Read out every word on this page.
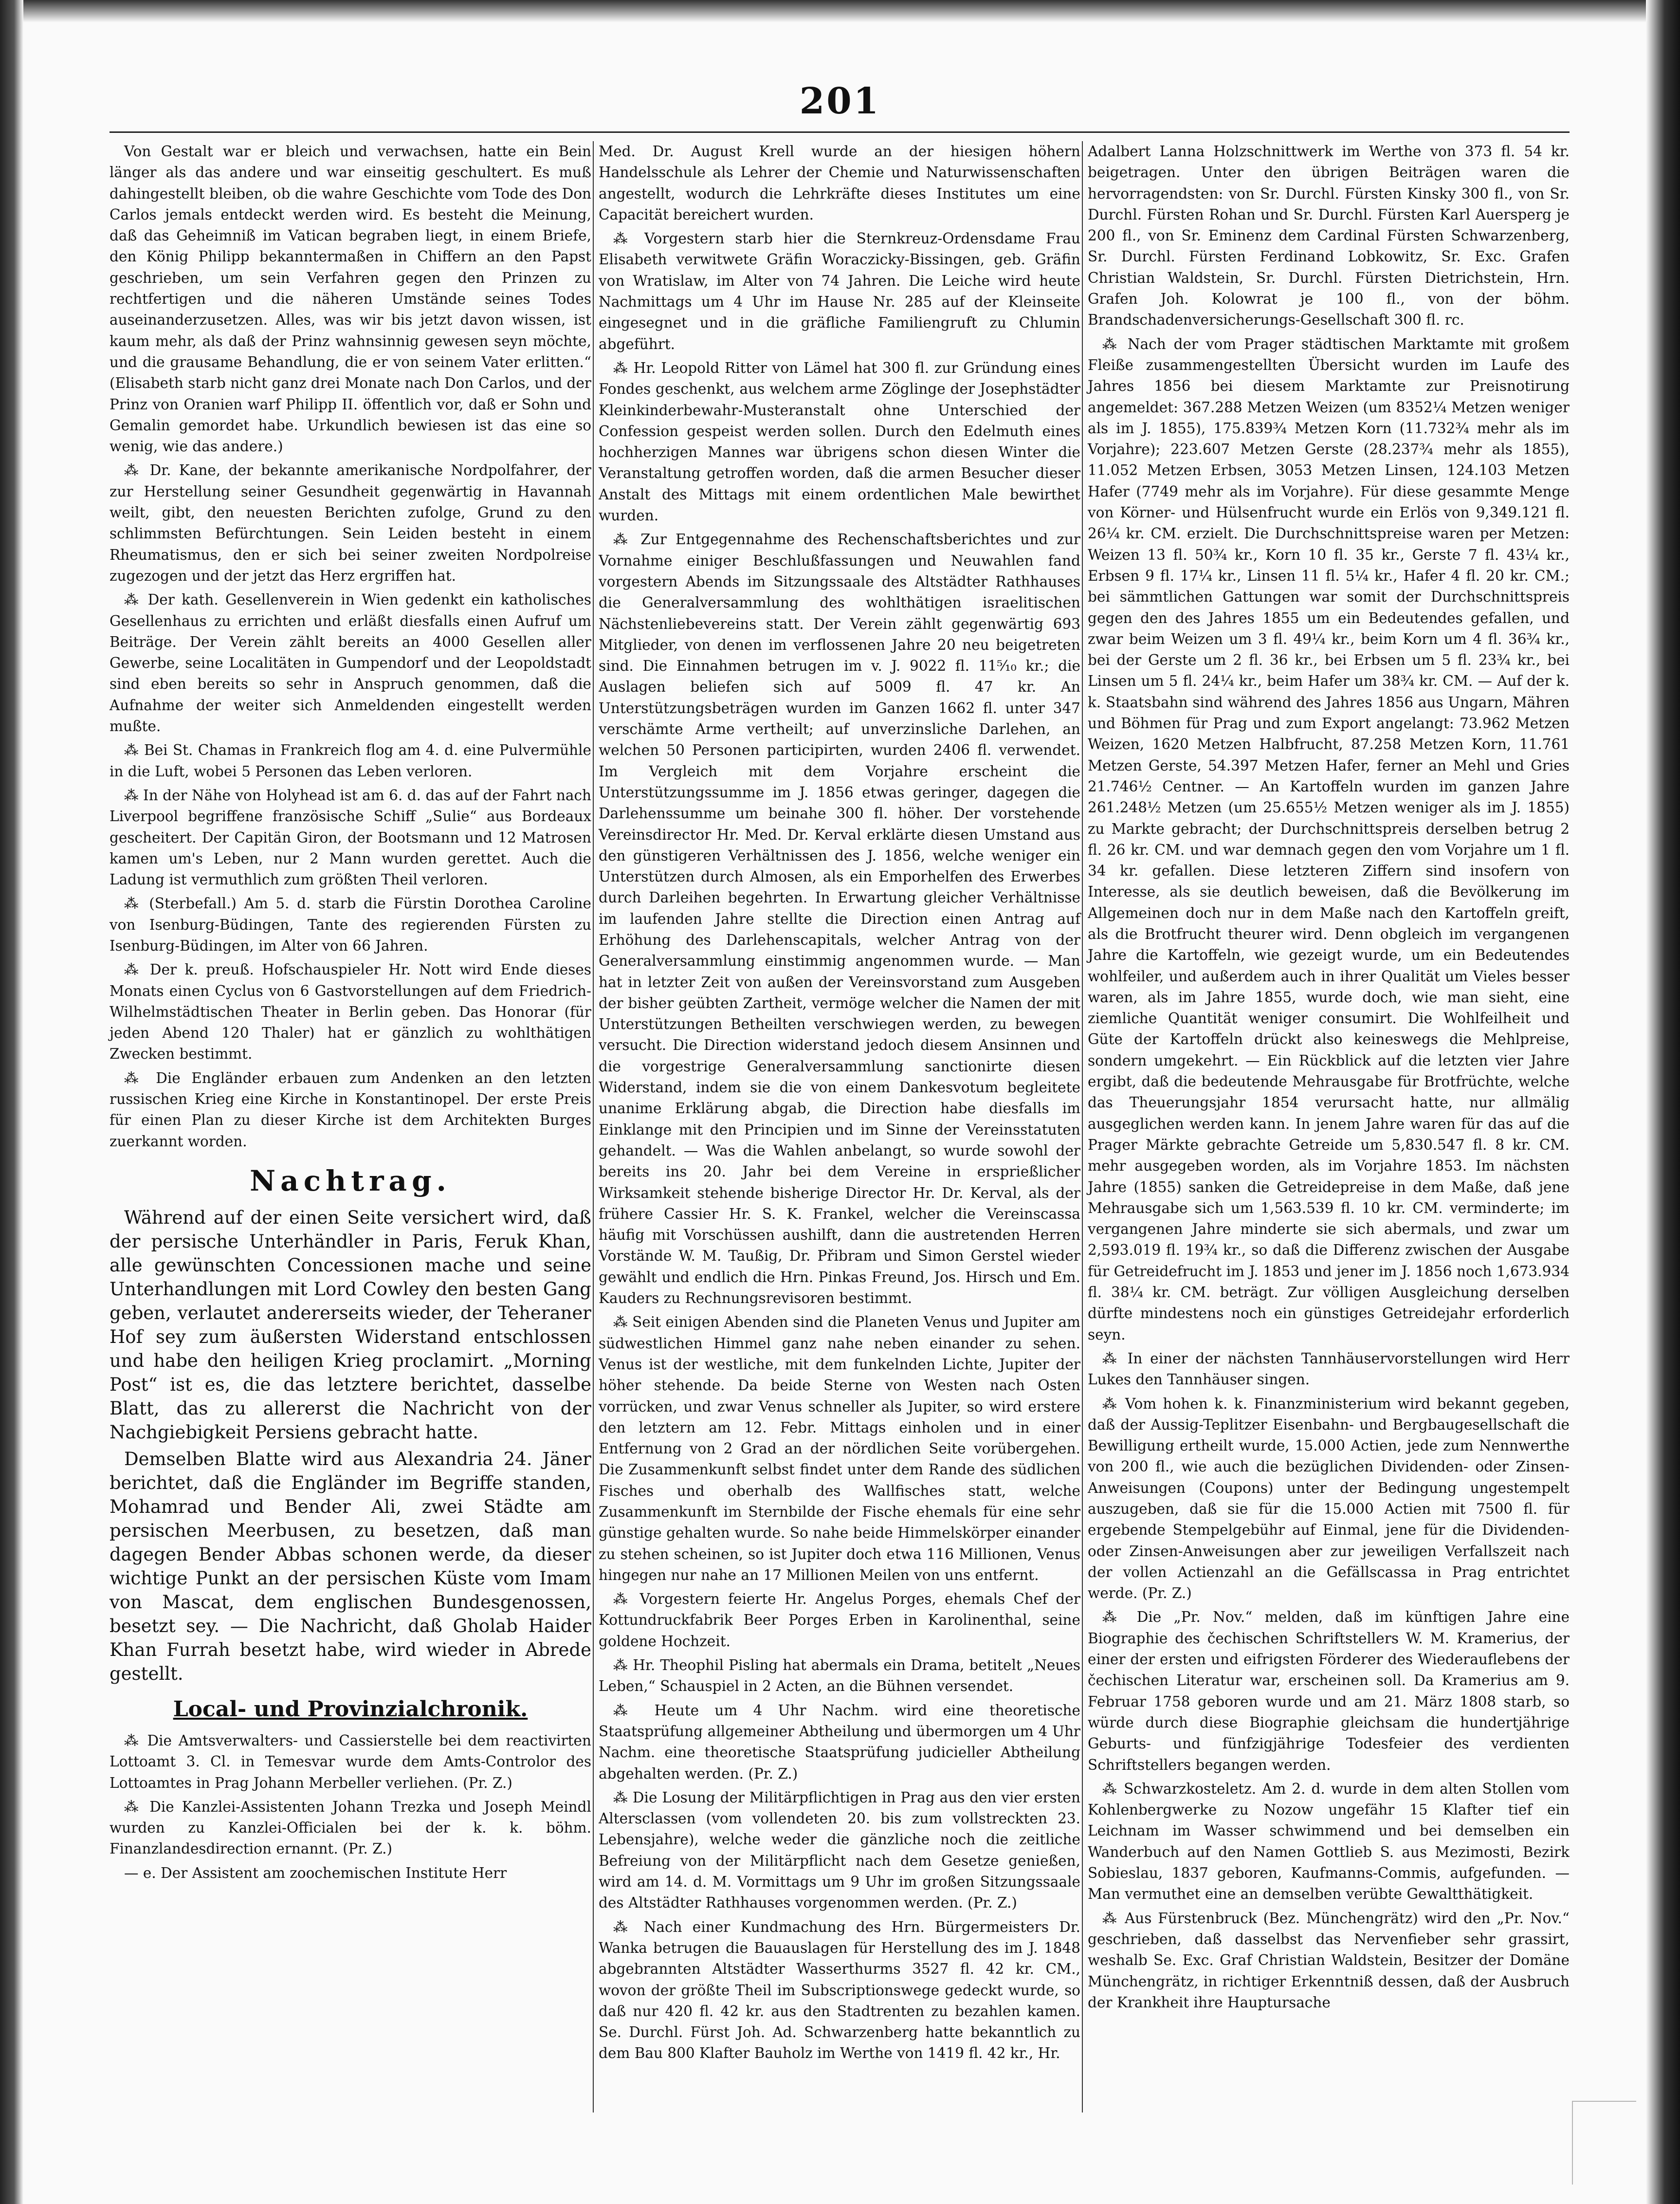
201
Von Gestalt war er bleich und verwachsen, hatte ein Bein länger als das andere und war einseitig geschultert. Es muß dahingestellt bleiben, ob die wahre Geschichte vom Tode des Don Carlos jemals entdeckt werden wird. Es besteht die Meinung, daß das Geheimniß im Vatican begraben liegt, in einem Briefe, den König Philipp bekanntermaßen in Chiffern an den Papst geschrieben, um sein Verfahren gegen den Prinzen zu rechtfertigen und die näheren Umstände seines Todes auseinanderzusetzen. Alles, was wir bis jetzt davon wissen, ist kaum mehr, als daß der Prinz wahnsinnig gewesen seyn möchte, und die grausame Behandlung, die er von seinem Vater erlitten.“ (Elisabeth starb nicht ganz drei Monate nach Don Carlos, und der Prinz von Oranien warf Philipp II. öffentlich vor, daß er Sohn und Gemalin gemordet habe. Urkundlich bewiesen ist das eine so wenig, wie das andere.)
⁂ Dr. Kane, der bekannte amerikanische Nordpolfahrer, der zur Herstellung seiner Gesundheit gegenwärtig in Havannah weilt, gibt, den neuesten Berichten zufolge, Grund zu den schlimmsten Befürchtungen. Sein Leiden besteht in einem Rheumatismus, den er sich bei seiner zweiten Nordpolreise zugezogen und der jetzt das Herz ergriffen hat.
⁂ Der kath. Gesellenverein in Wien gedenkt ein katholisches Gesellenhaus zu errichten und erläßt diesfalls einen Aufruf um Beiträge. Der Verein zählt bereits an 4000 Gesellen aller Gewerbe, seine Localitäten in Gumpendorf und der Leopoldstadt sind eben bereits so sehr in Anspruch genommen, daß die Aufnahme der weiter sich Anmeldenden eingestellt werden mußte.
⁂ Bei St. Chamas in Frankreich flog am 4. d. eine Pulvermühle in die Luft, wobei 5 Personen das Leben verloren.
⁂ In der Nähe von Holyhead ist am 6. d. das auf der Fahrt nach Liverpool begriffene französische Schiff „Sulie“ aus Bordeaux gescheitert. Der Capitän Giron, der Bootsmann und 12 Matrosen kamen um's Leben, nur 2 Mann wurden gerettet. Auch die Ladung ist vermuthlich zum größten Theil verloren.
⁂ (Sterbefall.) Am 5. d. starb die Fürstin Dorothea Caroline von Isenburg-Büdingen, Tante des regierenden Fürsten zu Isenburg-Büdingen, im Alter von 66 Jahren.
⁂ Der k. preuß. Hofschauspieler Hr. Nott wird Ende dieses Monats einen Cyclus von 6 Gastvorstellungen auf dem Friedrich-Wilhelmstädtischen Theater in Berlin geben. Das Honorar (für jeden Abend 120 Thaler) hat er gänzlich zu wohlthätigen Zwecken bestimmt.
⁂ Die Engländer erbauen zum Andenken an den letzten russischen Krieg eine Kirche in Konstantinopel. Der erste Preis für einen Plan zu dieser Kirche ist dem Architekten Burges zuerkannt worden.
Nachtrag.
Während auf der einen Seite versichert wird, daß der persische Unterhändler in Paris, Feruk Khan, alle gewünschten Concessionen mache und seine Unterhandlungen mit Lord Cowley den besten Gang geben, verlautet andererseits wieder, der Teheraner Hof sey zum äußersten Widerstand entschlossen und habe den heiligen Krieg proclamirt. „Morning Post“ ist es, die das letztere berichtet, dasselbe Blatt, das zu allererst die Nachricht von der Nachgiebigkeit Persiens gebracht hatte.
Demselben Blatte wird aus Alexandria 24. Jäner berichtet, daß die Engländer im Begriffe standen, Mohamrad und Bender Ali, zwei Städte am persischen Meerbusen, zu besetzen, daß man dagegen Bender Abbas schonen werde, da dieser wichtige Punkt an der persischen Küste vom Imam von Mascat, dem englischen Bundesgenossen, besetzt sey. — Die Nachricht, daß Gholab Haider Khan Furrah besetzt habe, wird wieder in Abrede gestellt.
Local- und Provinzialchronik.
⁂ Die Amtsverwalters- und Cassierstelle bei dem reactivirten Lottoamt 3. Cl. in Temesvar wurde dem Amts-Controlor des Lottoamtes in Prag Johann Merbeller verliehen. (Pr. Z.)
⁂ Die Kanzlei-Assistenten Johann Trezka und Joseph Meindl wurden zu Kanzlei-Officialen bei der k. k. böhm. Finanzlandesdirection ernannt. (Pr. Z.)
— e. Der Assistent am zoochemischen Institute Herr
Med. Dr. August Krell wurde an der hiesigen höhern Handelsschule als Lehrer der Chemie und Naturwissenschaften angestellt, wodurch die Lehrkräfte dieses Institutes um eine Capacität bereichert wurden.
⁂ Vorgestern starb hier die Sternkreuz-Ordensdame Frau Elisabeth verwitwete Gräfin Woraczicky-Bissingen, geb. Gräfin von Wratislaw, im Alter von 74 Jahren. Die Leiche wird heute Nachmittags um 4 Uhr im Hause Nr. 285 auf der Kleinseite eingesegnet und in die gräfliche Familiengruft zu Chlumin abgeführt.
⁂ Hr. Leopold Ritter von Lämel hat 300 fl. zur Gründung eines Fondes geschenkt, aus welchem arme Zöglinge der Josephstädter Kleinkinderbewahr-Musteranstalt ohne Unterschied der Confession gespeist werden sollen. Durch den Edelmuth eines hochherzigen Mannes war übrigens schon diesen Winter die Veranstaltung getroffen worden, daß die armen Besucher dieser Anstalt des Mittags mit einem ordentlichen Male bewirthet wurden.
⁂ Zur Entgegennahme des Rechenschaftsberichtes und zur Vornahme einiger Beschlußfassungen und Neuwahlen fand vorgestern Abends im Sitzungssaale des Altstädter Rathhauses die Generalversammlung des wohlthätigen israelitischen Nächstenliebevereins statt. Der Verein zählt gegenwärtig 693 Mitglieder, von denen im verflossenen Jahre 20 neu beigetreten sind. Die Einnahmen betrugen im v. J. 9022 fl. 11⁵⁄₁₀ kr.; die Auslagen beliefen sich auf 5009 fl. 47 kr. An Unterstützungsbeträgen wurden im Ganzen 1662 fl. unter 347 verschämte Arme vertheilt; auf unverzinsliche Darlehen, an welchen 50 Personen participirten, wurden 2406 fl. verwendet. Im Vergleich mit dem Vorjahre erscheint die Unterstützungssumme im J. 1856 etwas geringer, dagegen die Darlehenssumme um beinahe 300 fl. höher. Der vorstehende Vereinsdirector Hr. Med. Dr. Kerval erklärte diesen Umstand aus den günstigeren Verhältnissen des J. 1856, welche weniger ein Unterstützen durch Almosen, als ein Emporhelfen des Erwerbes durch Darleihen begehrten. In Erwartung gleicher Verhältnisse im laufenden Jahre stellte die Direction einen Antrag auf Erhöhung des Darlehenscapitals, welcher Antrag von der Generalversammlung einstimmig angenommen wurde. — Man hat in letzter Zeit von außen der Vereinsvorstand zum Ausgeben der bisher geübten Zartheit, vermöge welcher die Namen der mit Unterstützungen Betheilten verschwiegen werden, zu bewegen versucht. Die Direction widerstand jedoch diesem Ansinnen und die vorgestrige Generalversammlung sanctionirte diesen Widerstand, indem sie die von einem Dankesvotum begleitete unanime Erklärung abgab, die Direction habe diesfalls im Einklange mit den Principien und im Sinne der Vereinsstatuten gehandelt. — Was die Wahlen anbelangt, so wurde sowohl der bereits ins 20. Jahr bei dem Vereine in ersprießlicher Wirksamkeit stehende bisherige Director Hr. Dr. Kerval, als der frühere Cassier Hr. S. K. Frankel, welcher die Vereinscassa häufig mit Vorschüssen aushilft, dann die austretenden Herren Vorstände W. M. Taußig, Dr. Přibram und Simon Gerstel wieder gewählt und endlich die Hrn. Pinkas Freund, Jos. Hirsch und Em. Kauders zu Rechnungsrevisoren bestimmt.
⁂ Seit einigen Abenden sind die Planeten Venus und Jupiter am südwestlichen Himmel ganz nahe neben einander zu sehen. Venus ist der westliche, mit dem funkelnden Lichte, Jupiter der höher stehende. Da beide Sterne von Westen nach Osten vorrücken, und zwar Venus schneller als Jupiter, so wird erstere den letztern am 12. Febr. Mittags einholen und in einer Entfernung von 2 Grad an der nördlichen Seite vorübergehen. Die Zusammenkunft selbst findet unter dem Rande des südlichen Fisches und oberhalb des Wallfisches statt, welche Zusammenkunft im Sternbilde der Fische ehemals für eine sehr günstige gehalten wurde. So nahe beide Himmelskörper einander zu stehen scheinen, so ist Jupiter doch etwa 116 Millionen, Venus hingegen nur nahe an 17 Millionen Meilen von uns entfernt.
⁂ Vorgestern feierte Hr. Angelus Porges, ehemals Chef der Kottundruckfabrik Beer Porges Erben in Karolinenthal, seine goldene Hochzeit.
⁂ Hr. Theophil Pisling hat abermals ein Drama, betitelt „Neues Leben,“ Schauspiel in 2 Acten, an die Bühnen versendet.
⁂ Heute um 4 Uhr Nachm. wird eine theoretische Staatsprüfung allgemeiner Abtheilung und übermorgen um 4 Uhr Nachm. eine theoretische Staatsprüfung judicieller Abtheilung abgehalten werden. (Pr. Z.)
⁂ Die Losung der Militärpflichtigen in Prag aus den vier ersten Altersclassen (vom vollendeten 20. bis zum vollstreckten 23. Lebensjahre), welche weder die gänzliche noch die zeitliche Befreiung von der Militärpflicht nach dem Gesetze genießen, wird am 14. d. M. Vormittags um 9 Uhr im großen Sitzungssaale des Altstädter Rathhauses vorgenommen werden. (Pr. Z.)
⁂ Nach einer Kundmachung des Hrn. Bürgermeisters Dr. Wanka betrugen die Bauauslagen für Herstellung des im J. 1848 abgebrannten Altstädter Wasserthurms 3527 fl. 42 kr. CM., wovon der größte Theil im Subscriptionswege gedeckt wurde, so daß nur 420 fl. 42 kr. aus den Stadtrenten zu bezahlen kamen. Se. Durchl. Fürst Joh. Ad. Schwarzenberg hatte bekanntlich zu dem Bau 800 Klafter Bauholz im Werthe von 1419 fl. 42 kr., Hr.
Adalbert Lanna Holzschnittwerk im Werthe von 373 fl. 54 kr. beigetragen. Unter den übrigen Beiträgen waren die hervorragendsten: von Sr. Durchl. Fürsten Kinsky 300 fl., von Sr. Durchl. Fürsten Rohan und Sr. Durchl. Fürsten Karl Auersperg je 200 fl., von Sr. Eminenz dem Cardinal Fürsten Schwarzenberg, Sr. Durchl. Fürsten Ferdinand Lobkowitz, Sr. Exc. Grafen Christian Waldstein, Sr. Durchl. Fürsten Dietrichstein, Hrn. Grafen Joh. Kolowrat je 100 fl., von der böhm. Brandschadenversicherungs-Gesellschaft 300 fl. rc.
⁂ Nach der vom Prager städtischen Marktamte mit großem Fleiße zusammengestellten Übersicht wurden im Laufe des Jahres 1856 bei diesem Marktamte zur Preisnotirung angemeldet: 367.288 Metzen Weizen (um 8352¼ Metzen weniger als im J. 1855), 175.839¾ Metzen Korn (11.732¾ mehr als im Vorjahre); 223.607 Metzen Gerste (28.237¾ mehr als 1855), 11.052 Metzen Erbsen, 3053 Metzen Linsen, 124.103 Metzen Hafer (7749 mehr als im Vorjahre). Für diese gesammte Menge von Körner- und Hülsenfrucht wurde ein Erlös von 9,349.121 fl. 26¼ kr. CM. erzielt. Die Durchschnittspreise waren per Metzen: Weizen 13 fl. 50¾ kr., Korn 10 fl. 35 kr., Gerste 7 fl. 43¼ kr., Erbsen 9 fl. 17¼ kr., Linsen 11 fl. 5¼ kr., Hafer 4 fl. 20 kr. CM.; bei sämmtlichen Gattungen war somit der Durchschnittspreis gegen den des Jahres 1855 um ein Bedeutendes gefallen, und zwar beim Weizen um 3 fl. 49¼ kr., beim Korn um 4 fl. 36¾ kr., bei der Gerste um 2 fl. 36 kr., bei Erbsen um 5 fl. 23¾ kr., bei Linsen um 5 fl. 24¼ kr., beim Hafer um 38¾ kr. CM. — Auf der k. k. Staatsbahn sind während des Jahres 1856 aus Ungarn, Mähren und Böhmen für Prag und zum Export angelangt: 73.962 Metzen Weizen, 1620 Metzen Halbfrucht, 87.258 Metzen Korn, 11.761 Metzen Gerste, 54.397 Metzen Hafer, ferner an Mehl und Gries 21.746½ Centner. — An Kartoffeln wurden im ganzen Jahre 261.248½ Metzen (um 25.655½ Metzen weniger als im J. 1855) zu Markte gebracht; der Durchschnittspreis derselben betrug 2 fl. 26 kr. CM. und war demnach gegen den vom Vorjahre um 1 fl. 34 kr. gefallen. Diese letzteren Ziffern sind insofern von Interesse, als sie deutlich beweisen, daß die Bevölkerung im Allgemeinen doch nur in dem Maße nach den Kartoffeln greift, als die Brotfrucht theurer wird. Denn obgleich im vergangenen Jahre die Kartoffeln, wie gezeigt wurde, um ein Bedeutendes wohlfeiler, und außerdem auch in ihrer Qualität um Vieles besser waren, als im Jahre 1855, wurde doch, wie man sieht, eine ziemliche Quantität weniger consumirt. Die Wohlfeilheit und Güte der Kartoffeln drückt also keineswegs die Mehlpreise, sondern umgekehrt. — Ein Rückblick auf die letzten vier Jahre ergibt, daß die bedeutende Mehrausgabe für Brotfrüchte, welche das Theuerungsjahr 1854 verursacht hatte, nur allmälig ausgeglichen werden kann. In jenem Jahre waren für das auf die Prager Märkte gebrachte Getreide um 5,830.547 fl. 8 kr. CM. mehr ausgegeben worden, als im Vorjahre 1853. Im nächsten Jahre (1855) sanken die Getreidepreise in dem Maße, daß jene Mehrausgabe sich um 1,563.539 fl. 10 kr. CM. verminderte; im vergangenen Jahre minderte sie sich abermals, und zwar um 2,593.019 fl. 19¾ kr., so daß die Differenz zwischen der Ausgabe für Getreidefrucht im J. 1853 und jener im J. 1856 noch 1,673.934 fl. 38¼ kr. CM. beträgt. Zur völligen Ausgleichung derselben dürfte mindestens noch ein günstiges Getreidejahr erforderlich seyn.
⁂ In einer der nächsten Tannhäuservorstellungen wird Herr Lukes den Tannhäuser singen.
⁂ Vom hohen k. k. Finanzministerium wird bekannt gegeben, daß der Aussig-Teplitzer Eisenbahn- und Bergbaugesellschaft die Bewilligung ertheilt wurde, 15.000 Actien, jede zum Nennwerthe von 200 fl., wie auch die bezüglichen Dividenden- oder Zinsen-Anweisungen (Coupons) unter der Bedingung ungestempelt auszugeben, daß sie für die 15.000 Actien mit 7500 fl. für ergebende Stempelgebühr auf Einmal, jene für die Dividenden- oder Zinsen-Anweisungen aber zur jeweiligen Verfallszeit nach der vollen Actienzahl an die Gefällscassa in Prag entrichtet werde. (Pr. Z.)
⁂ Die „Pr. Nov.“ melden, daß im künftigen Jahre eine Biographie des čechischen Schriftstellers W. M. Kramerius, der einer der ersten und eifrigsten Förderer des Wiederauflebens der čechischen Literatur war, erscheinen soll. Da Kramerius am 9. Februar 1758 geboren wurde und am 21. März 1808 starb, so würde durch diese Biographie gleichsam die hundertjährige Geburts- und fünfzigjährige Todesfeier des verdienten Schriftstellers begangen werden.
⁂ Schwarzkosteletz. Am 2. d. wurde in dem alten Stollen vom Kohlenbergwerke zu Nozow ungefähr 15 Klafter tief ein Leichnam im Wasser schwimmend und bei demselben ein Wanderbuch auf den Namen Gottlieb S. aus Mezimosti, Bezirk Sobieslau, 1837 geboren, Kaufmanns-Commis, aufgefunden. — Man vermuthet eine an demselben verübte Gewaltthätigkeit.
⁂ Aus Fürstenbruck (Bez. Münchengrätz) wird den „Pr. Nov.“ geschrieben, daß dasselbst das Nervenfieber sehr grassirt, weshalb Se. Exc. Graf Christian Waldstein, Besitzer der Domäne Münchengrätz, in richtiger Erkenntniß dessen, daß der Ausbruch der Krankheit ihre Hauptursache
